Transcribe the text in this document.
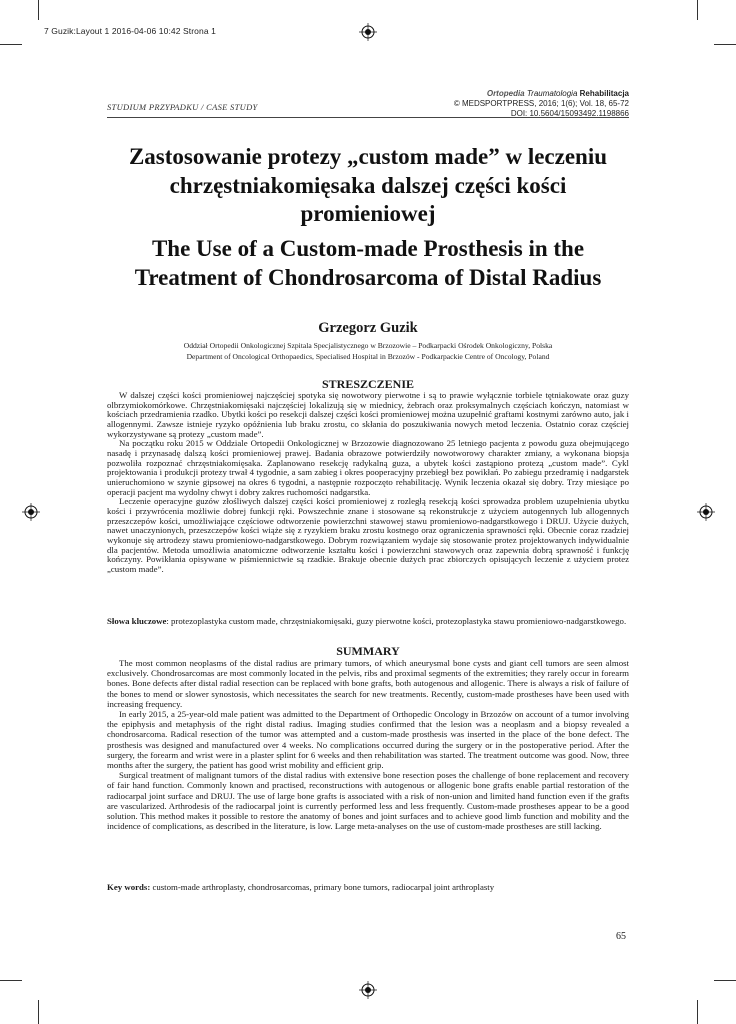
7 Guzik:Layout 1 2016-04-06 10:42 Strona 1
STUDIUM PRZYPADKU / CASE STUDY
Ortopedia Traumatologia Rehabilitacja
© MEDSPORTPRESS, 2016; 1(6); Vol. 18, 65-72
DOI: 10.5604/15093492.1198866
Zastosowanie protezy „custom made” w leczeniu chrzęstniakomięsaka dalszej części kości promieniowej
The Use of a Custom-made Prosthesis in the Treatment of Chondrosarcoma of Distal Radius
Grzegorz Guzik
Oddział Ortopedii Onkologicznej Szpitala Specjalistycznego w Brzozowie – Podkarpacki Ośrodek Onkologiczny, Polska
Department of Oncological Orthopaedics, Specialised Hospital in Brzozów - Podkarpackie Centre of Oncology, Poland
STRESZCZENIE

W dalszej części kości promieniowej najczęściej spotyka się nowotwory pierwotne i są to prawie wyłącznie torbiele tętniakowate oraz guzy olbrzymiokomórkowe. Chrzęstniakomięsaki najczęściej lokalizują się w miednicy, żebrach oraz proksymalnych częściach kończyn, natomiast w kościach przedramienia rzadko. Ubytki kości po resekcji dalszej części kości promieniowej można uzupełnić graftami kostnymi zarówno auto, jak i allogennymi. Zawsze istnieje ryzyko opóźnienia lub braku zrostu, co skłania do poszukiwania nowych metod leczenia. Ostatnio coraz częściej wykorzystywane są protezy „custom made”.

Na początku roku 2015 w Oddziale Ortopedii Onkologicznej w Brzozowie diagnozowano 25 letniego pacjenta z powodu guza obejmującego nasadę i przynasadę dalszą kości promieniowej prawej. Badania obrazowe potwierdziły nowotworowy charakter zmiany, a wykonana biopsja pozwoliła rozpoznać chrzęstniakomięsaka. Zaplanowano resekcję radykalną guza, a ubytek kości zastąpiono protezą „custom made”. Cykl projektowania i produkcji protezy trwał 4 tygodnie, a sam zabieg i okres pooperacyjny przebiegł bez powikłań. Po zabiegu przedramię i nadgarstek unieruchomiono w szynie gipsowej na okres 6 tygodni, a następnie rozpoczęto rehabilitację. Wynik leczenia okazał się dobry. Trzy miesiące po operacji pacjent ma wydolny chwyt i dobry zakres ruchomości nadgarstka.

Leczenie operacyjne guzów złośliwych dalszej części kości promieniowej z rozległą resekcją kości sprowadza problem uzupełnienia ubytku kości i przywrócenia możliwie dobrej funkcji ręki. Powszechnie znane i stosowane są rekonstrukcje z użyciem autogennych lub allogennych przeszczepów kości, umożliwiające częściowe odtworzenie powierzchni stawowej stawu promieniowo-nadgarstkowego i DRUJ. Użycie dużych, nawet unaczynionych, przeszczepów kości wiąże się z ryzykiem braku zrostu kostnego oraz ograniczenia sprawności ręki. Obecnie coraz rzadziej wykonuje się artrodezy stawu promieniowo-nadgarstkowego. Dobrym rozwiązaniem wydaje się stosowanie protez projektowanych indywidualnie dla pacjentów. Metoda umożliwia anatomiczne odtworzenie kształtu kości i powierzchni stawowych oraz zapewnia dobrą sprawność i funkcję kończyny. Powikłania opisywane w piśmiennictwie są rzadkie. Brakuje obecnie dużych prac zbiorczych opisujących leczenie z użyciem protez „custom made”.

Słowa kluczowe: protezoplastyka custom made, chrzęstniakomięsaki, guzy pierwotne kości, protezoplastyka stawu promieniowo-nadgarstkowego.
SUMMARY

The most common neoplasms of the distal radius are primary tumors, of which aneurysmal bone cysts and giant cell tumors are seen almost exclusively. Chondrosarcomas are most commonly located in the pelvis, ribs and proximal segments of the extremities; they rarely occur in forearm bones. Bone defects after distal radial resection can be replaced with bone grafts, both autogenous and allogenic. There is always a risk of failure of the bones to mend or slower synostosis, which necessitates the search for new treatments. Recently, custom-made prostheses have been used with increasing frequency.

In early 2015, a 25-year-old male patient was admitted to the Department of Orthopedic Oncology in Brzozów on account of a tumor involving the epiphysis and metaphysis of the right distal radius. Imaging studies confirmed that the lesion was a neoplasm and a biopsy revealed a chondrosarcoma. Radical resection of the tumor was attempted and a custom-made prosthesis was inserted in the place of the bone defect. The prosthesis was designed and manufactured over 4 weeks. No complications occurred during the surgery or in the postoperative period. After the surgery, the forearm and wrist were in a plaster splint for 6 weeks and then rehabilitation was started. The treatment outcome was good. Now, three months after the surgery, the patient has good wrist mobility and efficient grip.

Surgical treatment of malignant tumors of the distal radius with extensive bone resection poses the challenge of bone replacement and recovery of fair hand function. Commonly known and practised, reconstructions with autogenous or allogenic bone grafts enable partial restoration of the radiocarpal joint surface and DRUJ. The use of large bone grafts is associated with a risk of non-union and limited hand function even if the grafts are vascularized. Arthrodesis of the radiocarpal joint is currently performed less and less frequently. Custom-made prostheses appear to be a good solution. This method makes it possible to restore the anatomy of bones and joint surfaces and to achieve good limb function and mobility and the incidence of complications, as described in the literature, is low. Large meta-analyses on the use of custom-made prostheses are still lacking.

Key words: custom-made arthroplasty, chondrosarcomas, primary bone tumors, radiocarpal joint arthroplasty
65
